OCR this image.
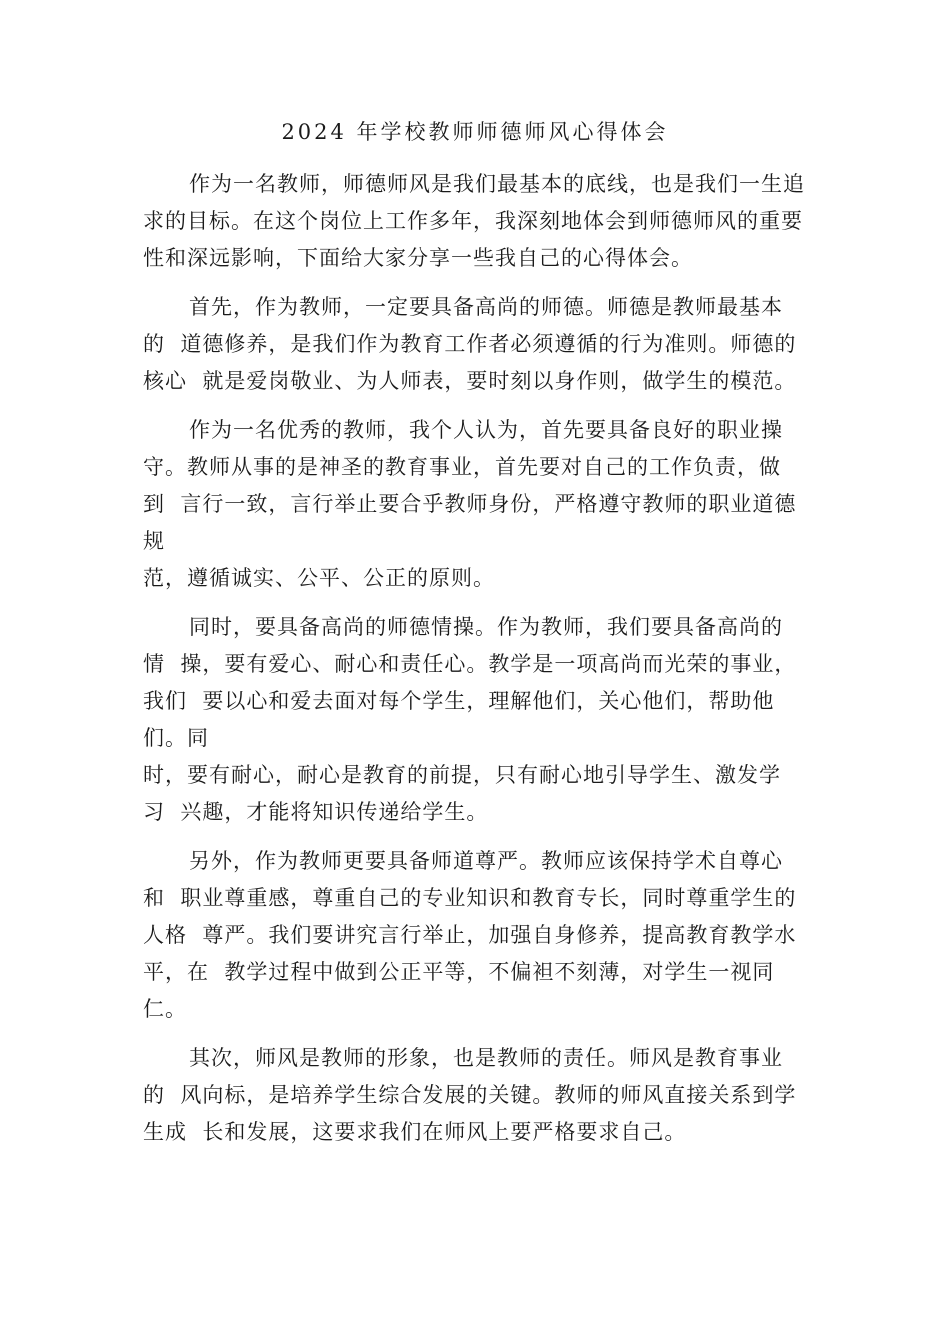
2024 年学校教师师德师风心得体会
作为一名教师，师德师风是我们最基本的底线，也是我们一生追
求的目标。在这个岗位上工作多年，我深刻地体会到师德师风的重要
性和深远影响，下面给大家分享一些我自己的心得体会。
首先，作为教师，一定要具备高尚的师德。师德是教师最基本
的  道德修养，是我们作为教育工作者必须遵循的行为准则。师德的
核心  就是爱岗敬业、为人师表，要时刻以身作则，做学生的模范。
作为一名优秀的教师，我个人认为，首先要具备良好的职业操
守。教师从事的是神圣的教育事业，首先要对自己的工作负责，做
到  言行一致，言行举止要合乎教师身份，严格遵守教师的职业道德
规
范，遵循诚实、公平、公正的原则。
同时，要具备高尚的师德情操。作为教师，我们要具备高尚的
情  操，要有爱心、耐心和责任心。教学是一项高尚而光荣的事业，
我们  要以心和爱去面对每个学生，理解他们，关心他们，帮助他
们。同
时，要有耐心，耐心是教育的前提，只有耐心地引导学生、激发学
习  兴趣，才能将知识传递给学生。
另外，作为教师更要具备师道尊严。教师应该保持学术自尊心
和  职业尊重感，尊重自己的专业知识和教育专长，同时尊重学生的
人格  尊严。我们要讲究言行举止，加强自身修养，提高教育教学水
平，在  教学过程中做到公正平等，不偏袒不刻薄，对学生一视同
仁。
其次，师风是教师的形象，也是教师的责任。师风是教育事业
的  风向标，是培养学生综合发展的关键。教师的师风直接关系到学
生成  长和发展，这要求我们在师风上要严格要求自己。
